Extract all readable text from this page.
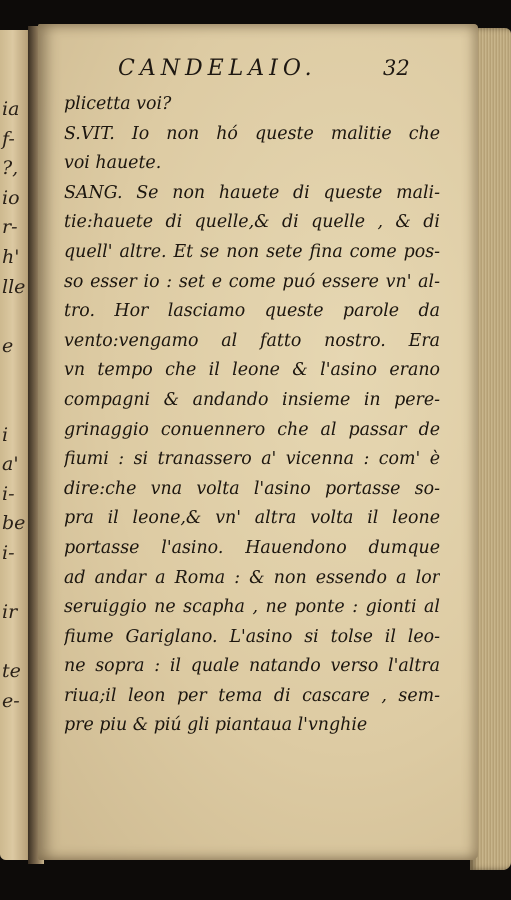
ia
f-
?,
io
r-
h'
lle
e
i
a'
i-
be
i-
ir
te
e-
CANDELAIO.	32
plicetta voi?
S.VIT. Io non hó queste malitie che
voi hauete.
SANG. Se non hauete di queste mali-
tie:hauete di quelle,& di quelle , & di
quell' altre. Et se non sete fina come pos-
so esser io : set e come puó essere vn' al-
tro. Hor lasciamo queste parole da
vento:vengamo al fatto nostro. Era
vn tempo che il leone & l'asino erano
compagni & andando insieme in pere-
grinaggio conuennero che al passar de
fiumi : si tranassero a' vicenna : com' è
dire:che vna volta l'asino portasse so-
pra il leone,& vn' altra volta il leone
portasse l'asino. Hauendono dumque
ad andar a Roma : & non essendo a lor
seruiggio ne scapha , ne ponte : gionti al
fiume Gariglano. L'asino si tolse il leo-
ne sopra : il quale natando verso l'altra
riua;il leon per tema di cascare , sem-
pre piu & piú gli piantaua l'vnghie
